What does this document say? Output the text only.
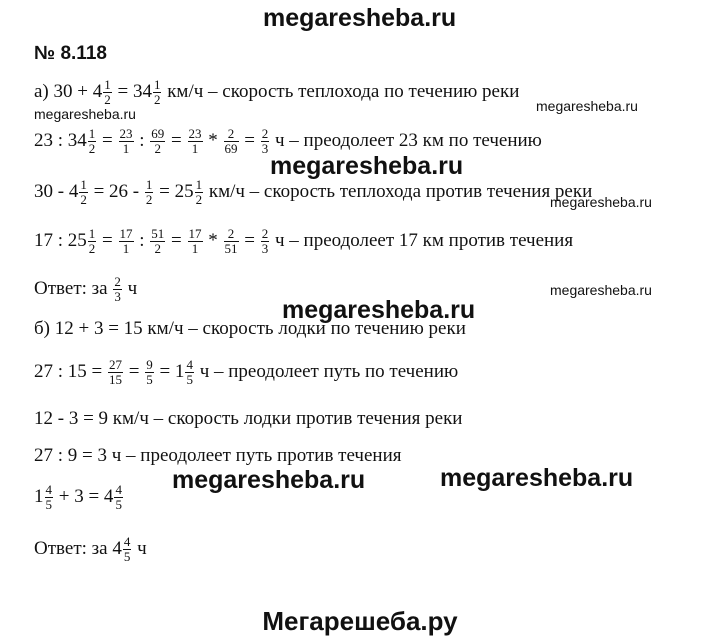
megaresheba.ru
№ 8.118
а) $30 + 4 \frac{1}{2} = 34 \frac{1}{2} км/ч$ – скорость теплохода по течению реки
23 : $34 \frac{1}{2} = \frac{23}{1}$ : $\frac{69}{2} = \frac{23}{1} * \frac{2}{69} = \frac{2}{3}$ ч – преодолеет 23 км по течению
$30 - 4 \frac{1}{2} = 26 - \frac{1}{2} = 25 \frac{1}{2} км/ч$ – скорость теплохода против течения реки
17 : $25 \frac{1}{2} = \frac{17}{1}$ : $\frac{51}{2} = \frac{17}{1} * \frac{2}{51} = \frac{2}{3}$ ч – преодолеет 17 км против течения
Ответ: за $\frac{2}{3}$ ч
б) 12 + 3 = 15 км/ч – скорость лодки по течению реки
27 : $15 = \frac{27}{15} = \frac{9}{5} = 1 \frac{4}{5}$ ч – преодолеет путь по течению
12 - 3 = 9 км/ч – скорость лодки против течения реки
27 : 9 = 3 ч – преодолеет путь против течения
$1 \frac{4}{5} + 3 = 4 \frac{4}{5}$
Ответ: за $4 \frac{4}{5}$ ч
megaresheba.ru	megaresheba.ru
megaresheba.ru
megaresheba.ru
megaresheba.ru
megaresheba.ru
megaresheba.ru	megaresheba.ru
Мегарешеба.ру
